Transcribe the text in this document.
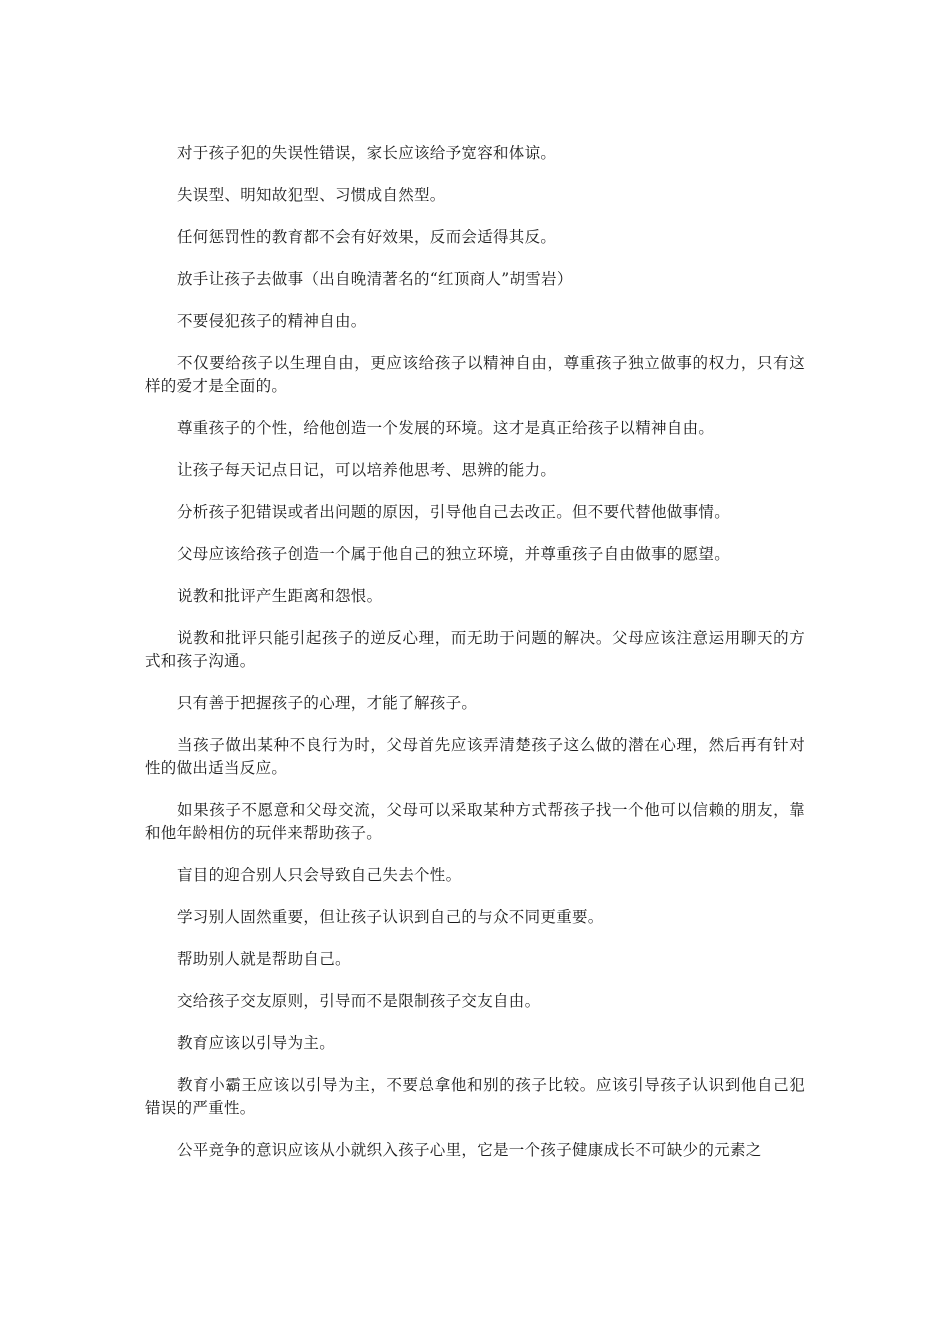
对于孩子犯的失误性错误，家长应该给予宽容和体谅。

失误型、明知故犯型、习惯成自然型。

任何惩罚性的教育都不会有好效果，反而会适得其反。

放手让孩子去做事（出自晚清著名的“红顶商人”胡雪岩）

不要侵犯孩子的精神自由。

不仅要给孩子以生理自由，更应该给孩子以精神自由，尊重孩子独立做事的权力，只有这样的爱才是全面的。

尊重孩子的个性，给他创造一个发展的环境。这才是真正给孩子以精神自由。

让孩子每天记点日记，可以培养他思考、思辨的能力。

分析孩子犯错误或者出问题的原因，引导他自己去改正。但不要代替他做事情。

父母应该给孩子创造一个属于他自己的独立环境，并尊重孩子自由做事的愿望。

说教和批评产生距离和怨恨。

说教和批评只能引起孩子的逆反心理，而无助于问题的解决。父母应该注意运用聊天的方式和孩子沟通。

只有善于把握孩子的心理，才能了解孩子。

当孩子做出某种不良行为时，父母首先应该弄清楚孩子这么做的潜在心理，然后再有针对性的做出适当反应。

如果孩子不愿意和父母交流，父母可以采取某种方式帮孩子找一个他可以信赖的朋友，靠和他年龄相仿的玩伴来帮助孩子。

盲目的迎合别人只会导致自己失去个性。

学习别人固然重要，但让孩子认识到自己的与众不同更重要。

帮助别人就是帮助自己。

交给孩子交友原则，引导而不是限制孩子交友自由。

教育应该以引导为主。

教育小霸王应该以引导为主，不要总拿他和别的孩子比较。应该引导孩子认识到他自己犯错误的严重性。

公平竞争的意识应该从小就织入孩子心里，它是一个孩子健康成长不可缺少的元素之
